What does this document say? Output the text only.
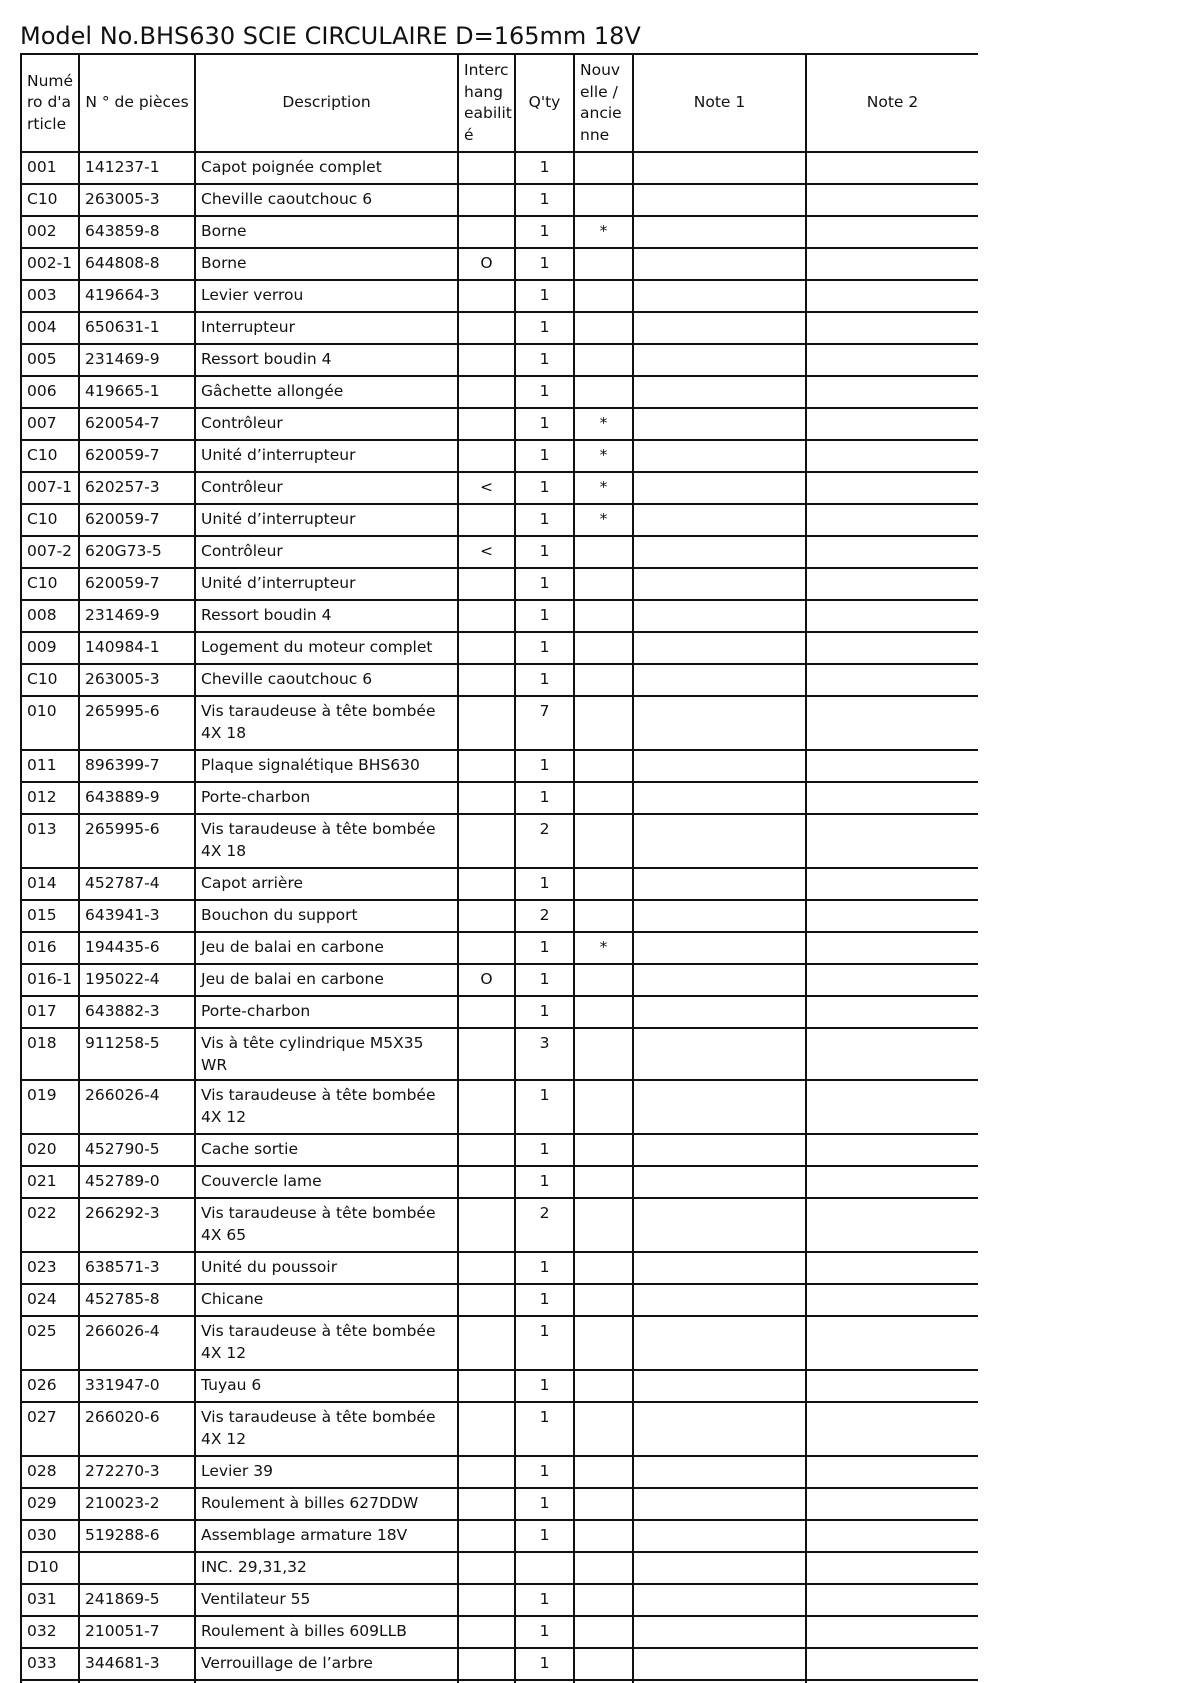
Model No.BHS630 SCIE CIRCULAIRE D=165mm 18V
Numé
ro d'a
rticle	N ° de pièces	Description	Interc
hang
eabilit
é	Q'ty	Nouv
elle /
ancie
nne	Note 1	Note 2
001	141237-1	Capot poignée complet		1			
C10	263005-3	Cheville caoutchouc 6		1			
002	643859-8	Borne		1	*		
002-1	644808-8	Borne	O	1			
003	419664-3	Levier verrou		1			
004	650631-1	Interrupteur		1			
005	231469-9	Ressort boudin 4		1			
006	419665-1	Gâchette allongée		1			
007	620054-7	Contrôleur		1	*		
C10	620059-7	Unité d’interrupteur		1	*		
007-1	620257-3	Contrôleur	<	1	*		
C10	620059-7	Unité d’interrupteur		1	*		
007-2	620G73-5	Contrôleur	<	1			
C10	620059-7	Unité d’interrupteur		1			
008	231469-9	Ressort boudin 4		1			
009	140984-1	Logement du moteur complet		1			
C10	263005-3	Cheville caoutchouc 6		1			
010	265995-6	Vis taraudeuse à tête bombée 4X 18		7			
011	896399-7	Plaque signalétique BHS630		1			
012	643889-9	Porte-charbon		1			
013	265995-6	Vis taraudeuse à tête bombée 4X 18		2			
014	452787-4	Capot arrière		1			
015	643941-3	Bouchon du support		2			
016	194435-6	Jeu de balai en carbone		1	*		
016-1	195022-4	Jeu de balai en carbone	O	1			
017	643882-3	Porte-charbon		1			
018	911258-5	Vis à tête cylindrique M5X35 WR		3			
019	266026-4	Vis taraudeuse à tête bombée 4X 12		1			
020	452790-5	Cache sortie		1			
021	452789-0	Couvercle lame		1			
022	266292-3	Vis taraudeuse à tête bombée 4X 65		2			
023	638571-3	Unité du poussoir		1			
024	452785-8	Chicane		1			
025	266026-4	Vis taraudeuse à tête bombée 4X 12		1			
026	331947-0	Tuyau 6		1			
027	266020-6	Vis taraudeuse à tête bombée 4X 12		1			
028	272270-3	Levier 39		1			
029	210023-2	Roulement à billes 627DDW		1			
030	519288-6	Assemblage armature 18V		1			
D10		INC. 29,31,32					
031	241869-5	Ventilateur 55		1			
032	210051-7	Roulement à billes 609LLB		1			
033	344681-3	Verrouillage de l’arbre		1			
